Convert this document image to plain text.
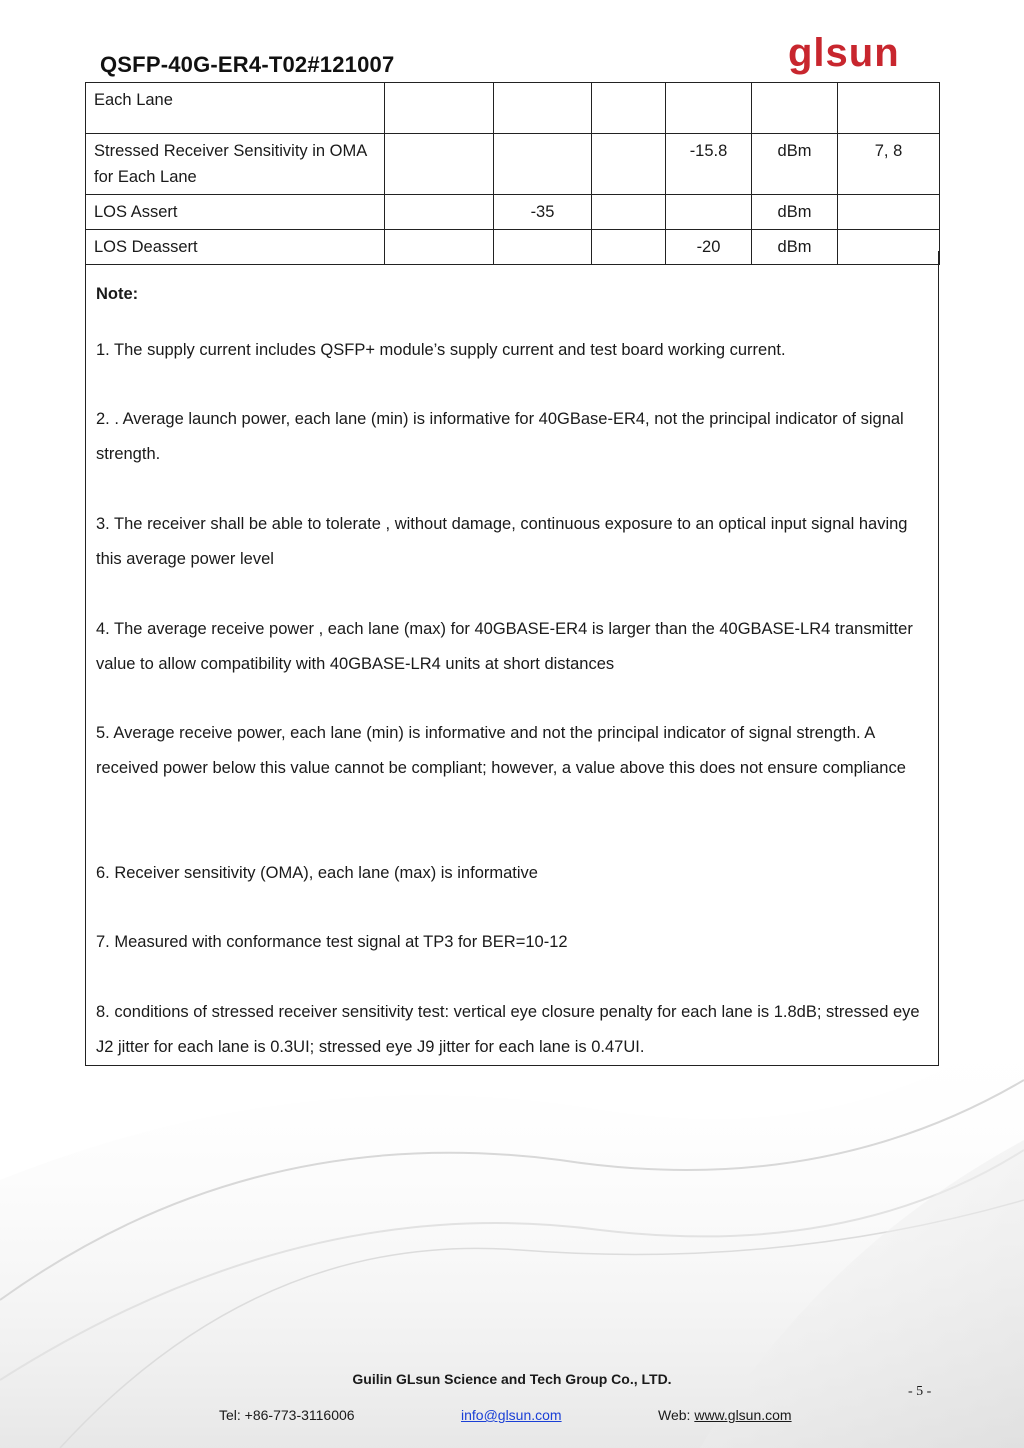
QSFP-40G-ER4-T02#121007	glsun
Each Lane						
Stressed Receiver Sensitivity in OMA for Each Lane				-15.8	dBm	7, 8
LOS Assert		-35			dBm	
LOS Deassert				-20	dBm	
Note:
1. The supply current includes QSFP+ module’s supply current and test board working current.
2. . Average launch power, each lane (min) is informative for 40GBase-ER4, not the principal indicator of signal strength.
3. The receiver shall be able to tolerate , without damage, continuous exposure to an optical input signal having this average power level
4. The average receive power , each lane (max) for 40GBASE-ER4 is larger than the 40GBASE-LR4 transmitter value to allow compatibility with 40GBASE-LR4 units at short distances
5. Average receive power, each lane (min) is informative and not the principal indicator of signal strength. A received power below this value cannot be compliant; however, a value above this does not ensure compliance
6. Receiver sensitivity (OMA), each lane (max) is informative
7. Measured with conformance test signal at TP3 for BER=10-12
8. conditions of stressed receiver sensitivity test: vertical eye closure penalty for each lane is 1.8dB; stressed eye J2 jitter for each lane is 0.3UI; stressed eye J9 jitter for each lane is 0.47UI.
Guilin GLsun Science and Tech Group Co., LTD.
- 5 -
Tel: +86-773-3116006	info@glsun.com	Web: www.glsun.com
